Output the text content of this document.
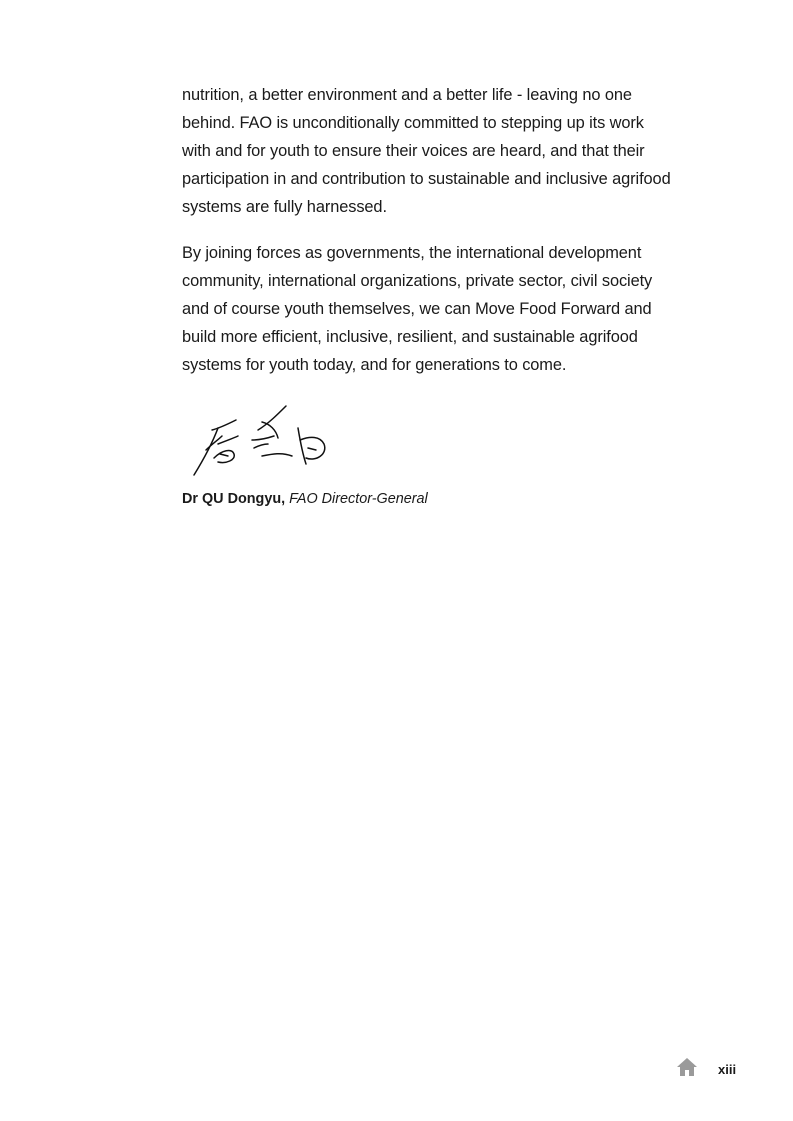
nutrition, a better environment and a better life - leaving no one
behind. FAO is unconditionally committed to stepping up its work
with and for youth to ensure their voices are heard, and that their
participation in and contribution to sustainable and inclusive agrifood
systems are fully harnessed.

By joining forces as governments, the international development
community, international organizations, private sector, civil society
and of course youth themselves, we can Move Food Forward and
build more efficient, inclusive, resilient, and sustainable agrifood
systems for youth today, and for generations to come.

Dr QU Dongyu, FAO Director-General
xiii
